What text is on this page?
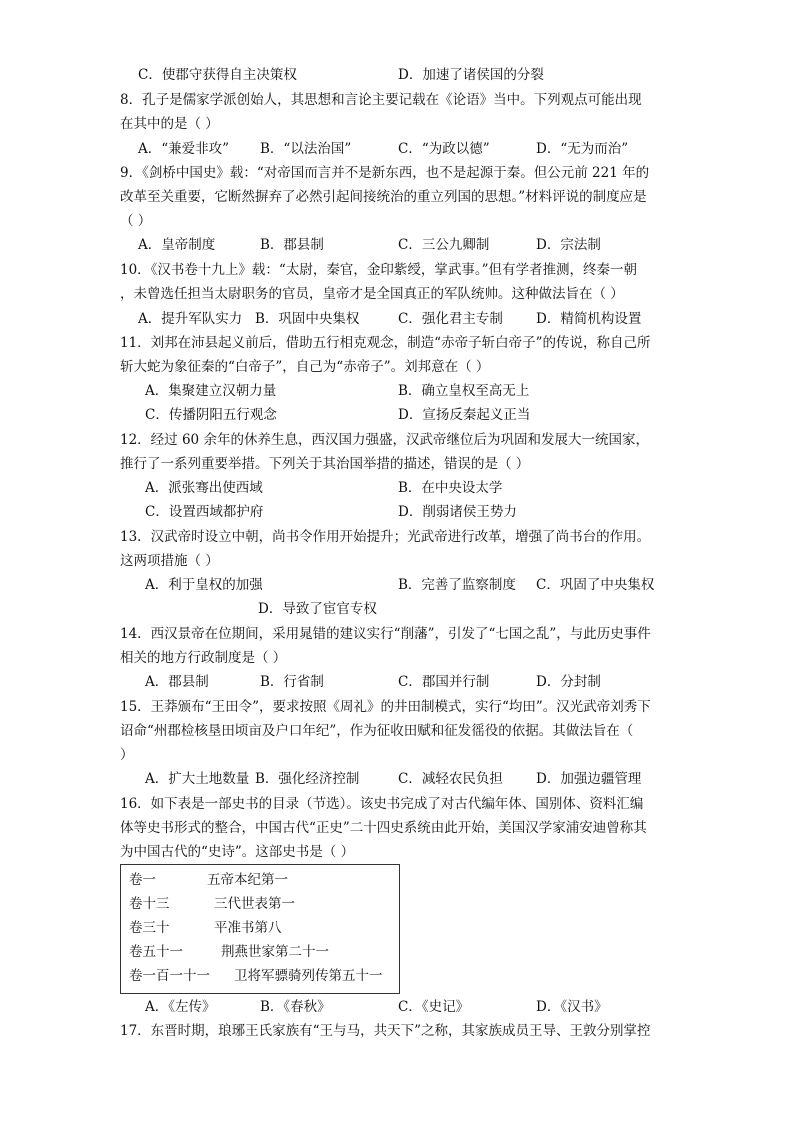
C．使郡守获得自主决策权	D．加速了诸侯国的分裂
8．孔子是儒家学派创始人，其思想和言论主要记载在《论语》当中。下列观点可能出现
在其中的是（ ）
A．“兼爱非攻” B．“以法治国”	C．“为政以德”	D．“无为而治”
9．《剑桥中国史》载：“对帝国而言并不是新东西，也不是起源于秦。但公元前 221 年的
改革至关重要，它断然摒弃了必然引起间接统治的重立列国的思想。”材料评说的制度应是
（ ）
A．皇帝制度	B．郡县制	C．三公九卿制	D．宗法制
10．《汉书卷十九上》载：“太尉，秦官，金印紫绶，掌武事。”但有学者推测，终秦一朝
，未曾选任担当太尉职务的官员，皇帝才是全国真正的军队统帅。这种做法旨在（ ）
A．提升军队实力 B．巩固中央集权	C．强化君主专制 D．精简机构设置
11．刘邦在沛县起义前后，借助五行相克观念，制造“赤帝子斩白帝子”的传说，称自己所
斩大蛇为象征秦的“白帝子”，自己为“赤帝子”。刘邦意在（ ）
A．集聚建立汉朝力量	B．确立皇权至高无上
C．传播阴阳五行观念	D．宣扬反秦起义正当
12．经过 60 余年的休养生息，西汉国力强盛，汉武帝继位后为巩固和发展大一统国家，
推行了一系列重要举措。下列关于其治国举措的描述，错误的是（ ）
A．派张骞出使西域	B．在中央设太学
C．设置西域都护府	D．削弱诸侯王势力
13．汉武帝时设立中朝，尚书令作用开始提升；光武帝进行改革，增强了尚书台的作用。
这两项措施（ ）
A．利于皇权的加强	B．完善了监察制度 C．巩固了中央集权
D．导致了宦官专权
14．西汉景帝在位期间，采用晁错的建议实行“削藩”，引发了“七国之乱”，与此历史事件
相关的地方行政制度是（ ）
A．郡县制	B．行省制	C．郡国并行制	D．分封制
15．王莽颁布“王田令”，要求按照《周礼》的井田制模式，实行“均田”。汉光武帝刘秀下
诏命“州郡检核垦田顷亩及户口年纪”，作为征收田赋和征发徭役的依据。其做法旨在（
）
A．扩大土地数量 B．强化经济控制	C．减轻农民负担 D．加强边疆管理
16．如下表是一部史书的目录（节选）。该史书完成了对古代编年体、国别体、资料汇编
体等史书形式的整合，中国古代“正史”二十四史系统由此开始，美国汉学家浦安迪曾称其
为中国古代的“史诗”。这部史书是（ ）
卷一	五帝本纪第一
卷十三	三代世表第一
卷三十	平准书第八
卷五十一	荆燕世家第二十一
卷一百一十一 卫将军骠骑列传第五十一
A．《左传》	B．《春秋》	C．《史记》	D．《汉书》
17．东晋时期，琅琊王氏家族有“王与马，共天下”之称，其家族成员王导、王敦分别掌控
